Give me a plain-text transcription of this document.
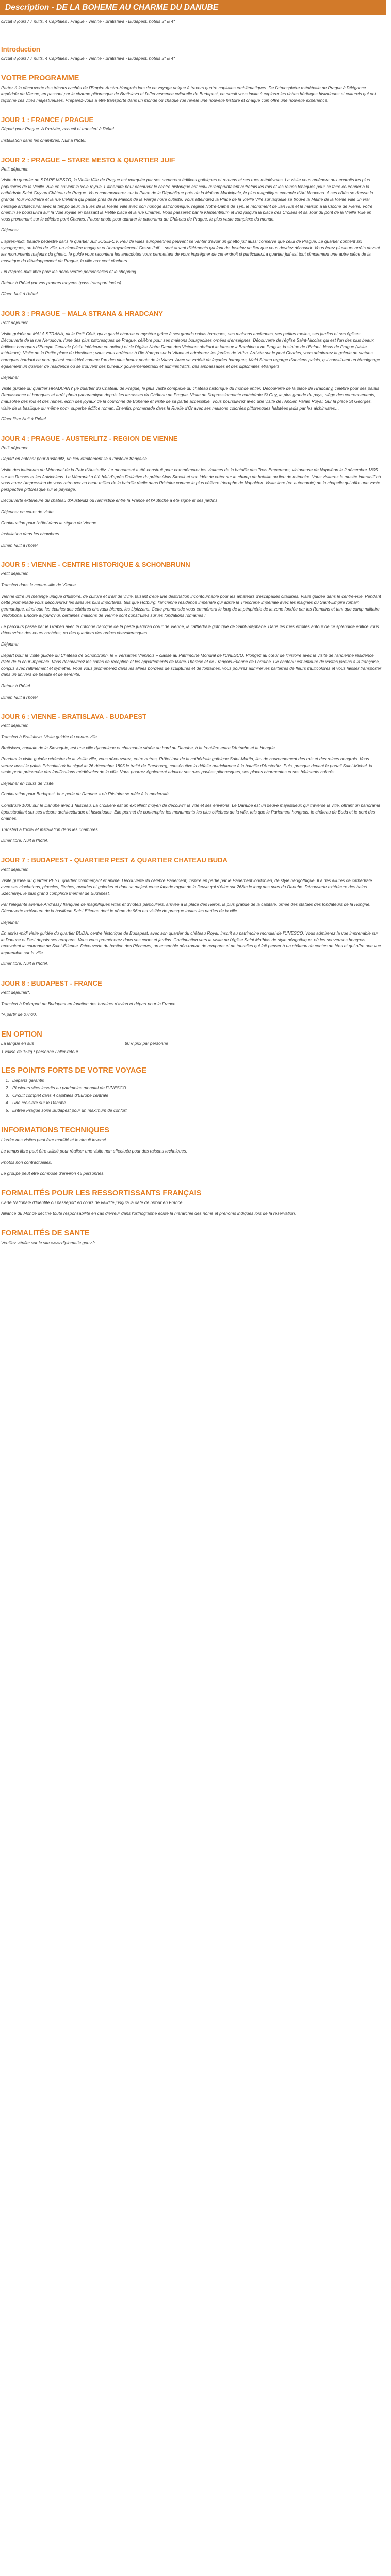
Description - DE LA BOHEME AU CHARME DU DANUBE
circuit 8 jours / 7 nuits, 4 Capitales : Prague - Vienne - Bratislava - Budapest, hôtels 3* & 4*
Introduction

circuit 8 jours / 7 nuits, 4 Capitales : Prague - Vienne - Bratislava - Budapest, hôtels 3* & 4*

VOTRE PROGRAMME

Partez à la découverte des trésors cachés de l'Empire Austro-Hongrois lors de ce voyage unique à travers quatre capitales emblématiques. De l'atmosphère médiévale de Prague à l'élégance impériale de Vienne, en passant par le charme pittoresque de Bratislava et l'effervescence culturelle de Budapest, ce circuit vous invite à explorer les riches héritages historiques et culturels qui ont façonné ces villes majestueuses. Préparez-vous à être transporté dans un monde où chaque rue révèle une nouvelle histoire et chaque coin offre une nouvelle expérience.

JOUR 1 : FRANCE / PRAGUE

Départ pour Prague. A l'arrivée, accueil et transfert à l'hôtel.

Installation dans les chambres. Nuit à l'hôtel.

JOUR 2 : PRAGUE – STARE MESTO & QUARTIER JUIF

Petit déjeuner.

Visite du quartier de STARE MESTO, la Vieille Ville de Prague est marquée par ses nombreux édifices gothiques et romans et ses rues médiévales. La visite vous amènera aux endroits les plus populaires de la Vieille Ville en suivant la Voie royale. L'itinéraire pour découvrir le centre historique est celui qu'empruntaient autrefois les rois et les reines tchèques pour se faire couronner à la cathédrale Saint Guy au Château de Prague. Vous commencerez sur la Place de la République près de la Maison Municipale, le plus magnifique exemple d'Art Nouveau. A ses côtés se dresse la grande Tour Poudrière et la rue Celetná qui passe près de la Maison de la Vierge noire cubiste. Vous atteindrez la Place de la Vieille Ville sur laquelle se trouve la Mairie de la Vieille Ville un vrai héritage architectural avec la tempo deux la 8 les de la Vieille Ville avec son horloge astronomique, l'église Notre-Dame de Týn, le monument de Jan Hus et la maison à la Cloche de Pierre. Votre chemin se poursuivra sur la Voie royale en passant la Petite place et la rue Charles. Vous passerez par le Klementinum et irez jusqu'à la place des Croisés et sa Tour du pont de la Vieille Ville en vous promenant sur le célèbre pont Charles. Pause photo pour admirer le panorama du Château de Prague, le plus vaste complexe du monde.

Déjeuner.

L'après-midi, balade pédestre dans le quartier Juif JOSEFOV. Peu de villes européennes peuvent se vanter d'avoir un ghetto juif aussi conservé que celui de Prague. Le quartier contient six synagogues, un hôtel de ville, un cimetière magique et l'incroyablement Gesso Juif… sont autant d'éléments qui font de Josefov un lieu que vous devriez découvrir. Vous ferez plusieurs arrêts devant les monuments majeurs du ghetto, le guide vous racontera les anecdotes vous permettant de vous imprégner de cet endroit si particulier.La quartier juif est tout simplement une autre pièce de la mosaïque du développement de Prague, la ville aux cent clochers.

Fin d'après-midi libre pour les découvertes personnelles et le shopping.

Retour à l'hôtel par vos propres moyens (pass transport inclus).

Dîner. Nuit à l'hôtel.

JOUR 3 : PRAGUE – MALA STRANA & HRADCANY

Petit déjeuner.

Visite guidée de MALA STRANA, dit le Petit Côté, qui a gardé charme et mystère grâce à ses grands palais baroques, ses maisons anciennes, ses petites ruelles, ses jardins et ses églises. Découverte de la rue Nerudova, l'une des plus pittoresques de Prague, célèbre pour ses maisons bourgeoises ornées d'enseignes. Découverte de l'église Saint-Nicolas qui est l'un des plus beaux édifices baroques d'Europe Centrale (visite intérieure en option) et de l'église Notre Dame des Victoires abritant le fameux « Bambino » de Prague, la statue de l'Enfant Jésus de Prague (visite intérieure). Visite de la Petite place du Hostinec ; vous vous arrêterez à l'île Kampa sur la Vltava et admirerez les jardins de Vrtba. Arrivée sur le pont Charles, vous admirerez la galerie de statues baroques bordant ce pont qui est considéré comme l'un des plus beaux ponts de la Vltava. Avec sa variété de façades baroques, Malá Strana regorge d'anciens palais, qui constituent un témoignage également un quartier de résidence où se trouvent des bureaux gouvernementaux et administratifs, des ambassades et des diplomates étrangers.

Déjeuner.

Visite guidée du quartier HRADCANY (le quartier du Château de Prague, le plus vaste complexe du château historique du monde entier. Découverte de la place de Hradčany, célèbre pour ses palais Renaissance et baroques et arrêt photo panoramique depuis les terrasses du Château de Prague. Visite de l'impressionnante cathédrale St Guy, la plus grande du pays, siège des couronnements, mausolée des rois et des reines, écrin des joyaux de la couronne de Bohême et visite de sa partie accessible. Vous poursuivrez avec une visite de l'Ancien Palais Royal. Sur la place St Georges, visite de la basilique du même nom, superbe édifice roman. Et enfin, promenade dans la Ruelle d'Or avec ses maisons colorées pittoresques habitées jadis par les alchimistes…

Dîner libre.Nuit à l'hôtel.

JOUR 4 : PRAGUE - AUSTERLITZ - REGION DE VIENNE

Petit déjeuner.

Départ en autocar pour Austerlitz, un lieu étroitement lié à l'histoire française.

Visite des intérieurs du Mémorial de la Paix d'Austerlitz. Le monument a été construit pour commémorer les victimes de la bataille des Trois Empereurs, victorieuse de Napoléon le 2 décembre 1805 sur les Russes et les Autrichiens. Le Mémorial a été bâti d'après l'initiative du prêtre Alois Slovak et son idée de créer sur le champ de bataille un lieu de mémoire. Vous visiterez le musée interactif où vous aurez l'impression de vous retrouver au beau milieu de la bataille réelle dans l'histoire comme le plus célèbre triomphe de Napoléon. Visite libre (en autonomie) de la chapelle qui offre une vaste perspective pittoresque sur le paysage.

Découverte extérieure du château d'Austerlitz où l'armistice entre la France et l'Autriche a été signé et ses jardins.

Déjeuner en cours de visite.

Continuation pour l'hôtel dans la région de Vienne.

Installation dans les chambres.

Dîner. Nuit à l'hôtel.

JOUR 5 : VIENNE - CENTRE HISTORIQUE & SCHONBRUNN

Petit déjeuner.

Transfert dans le centre-ville de Vienne.

Vienne offre un mélange unique d'histoire, de culture et d'art de vivre, faisant d'elle une destination incontournable pour les amateurs d'escapades citadines. Visite guidée dans le centre-ville. Pendant cette promenade vous découvrirez les sites les plus importants, tels que Hofburg, l'ancienne résidence impériale qui abrite la Trésorerie impériale avec les insignes du Saint-Empire romain germanique, ainsi que les écuries des célèbres chevaux blancs, les Lipizzans. Cette promenade vous emmènera le long de la périphérie de la zone fondée par les Romains et tant que camp militaire Vindobona. Encore aujourd'hui, certaines maisons de Vienne sont construites sur les fondations romaines !

Le parcours passe par le Graben avec la colonne baroque de la peste jusqu'au cœur de Vienne, la cathédrale gothique de Saint-Stéphane. Dans les rues étroites autour de ce splendide édifice vous découvrirez des cours cachées, ou des quartiers des ordres chevaleresques.

Déjeuner.

Départ pour la visite guidée du Château de Schönbrunn, le « Versailles Viennois » classé au Patrimoine Mondial de l'UNESCO. Plongez au cœur de l'histoire avec la visite de l'ancienne résidence d'été de la cour impériale. Vous découvrirez les salles de réception et les appartements de Marie-Thérèse et de François-Étienne de Lorraine. Ce château est entouré de vastes jardins à la française, conçus avec raffinement et symétrie. Vous vous promènerez dans les allées bordées de sculptures et de fontaines, vous pourrez admirer les parterres de fleurs multicolores et vous laisser transporter dans un univers de beauté et de sérénité.

Retour à l'hôtel.

Dîner. Nuit à l'hôtel.

JOUR 6 : VIENNE - BRATISLAVA - BUDAPEST

Petit déjeuner.

Transfert à Bratislava. Visite guidée du centre-ville.

Bratislava, capitale de la Slovaquie, est une ville dynamique et charmante située au bord du Danube, à la frontière entre l'Autriche et la Hongrie.

Pendant la visite guidée pédestre de la vieille ville, vous découvrirez, entre autres, l'hôtel tour de la cathédrale gothique Saint-Martin, lieu de couronnement des rois et des reines hongrois. Vous verrez aussi le palais Primatial où fut signé le 26 décembre 1805 le traité de Presbourg, consécutive la défaite autrichienne à la bataille d'Austerlitz. Puis, presque devant le portail Saint-Michel, la seule porte préservée des fortifications médiévales de la ville. Vous pourrez également admirer ses rues pavées pittoresques, ses places charmantes et ses bâtiments colorés.

Déjeuner en cours de visite.

Continuation pour Budapest, la « perle du Danube » où l'histoire se mêle à la modernité.

Construite 1000 sur le Danube avec 1 faisceau. La croisière est un excellent moyen de découvrir la ville et ses environs. Le Danube est un fleuve majestueux qui traverse la ville, offrant un panorama époustouflant sur ses trésors architecturaux et historiques. Elle permet de contempler les monuments les plus célèbres de la ville, tels que le Parlement hongrois, le château de Buda et le pont des chaînes.

Transfert à l'hôtel et installation dans les chambres.

Dîner libre. Nuit à l'hôtel.

JOUR 7 : BUDAPEST - QUARTIER PEST & QUARTIER CHATEAU BUDA

Petit déjeuner.

Visite guidée du quartier PEST, quartier commerçant et animé. Découverte du célèbre Parlement, inspiré en partie par le Parlement londonien, de style néogothique. Il a des allures de cathédrale avec ses clochetons, pinacles, flèches, arcades et galeries et dont sa majestueuse façade rogue de la fleuve qui s'étire sur 268m le long des rives du Danube. Découverte extérieure des bains Szechenyi, le plus grand complexe thermal de Budapest.

Par l'élégante avenue Andrassy flanquée de magnifiques villas et d'hôtels particuliers, arrivée à la place des Héros, la plus grande de la capitale, ornée des statues des fondateurs de la Hongrie. Découverte extérieure de la basilique Saint Étienne dont le dôme de 96m est visible de presque toutes les parties de la ville.

Déjeuner.

En après-midi visite guidée du quartier BUDA, centre historique de Budapest, avec son quartier du château Royal, inscrit au patrimoine mondial de l'UNESCO. Vous admirerez la vue imprenable sur le Danube et Pest depuis ses remparts. Vous vous promènerez dans ses cours et jardins. Continuation vers la visite de l'église Saint Mathias de style néogothique, où les souverains hongrois recevaient la couronne de Saint-Étienne. Découverte du bastion des Pêcheurs, un ensemble néo-roman de remparts et de tourelles qui fait penser à un château de contes de fées et qui offre une vue imprenable sur la ville.

Dîner libre. Nuit à l'hôtel.

JOUR 8 : BUDAPEST - FRANCE

Petit déjeuner*.

Transfert à l'aéroport de Budapest en fonction des horaires d'avion et départ pour la France.

*A partir de 07h00.

EN OPTION
La langue en sus	80 € prix par personne
1 valise de 15kg / personne / aller-retour
LES POINTS FORTS DE VOTRE VOYAGE
1. Départs garantis
2. Plusieurs sites inscrits au patrimoine mondial de l'UNESCO
3. Circuit complet dans 4 capitales d'Europe centrale
4. Une croisière sur le Danube
5. Entrée Prague sorte Budapest pour un maximum de confort
INFORMATIONS TECHNIQUES

L'ordre des visites peut être modifié et le circuit inversé.

Le temps libre peut être utilisé pour réaliser une visite non effectuée pour des raisons techniques.

Photos non contractuelles.

Le groupe peut être composé d'environ 45 personnes.

FORMALITÉS POUR LES RESSORTISSANTS FRANÇAIS

Carte Nationale d'Identité ou passeport en cours de validité jusqu'à la date de retour en France.

Alliance du Monde décline toute responsabilité en cas d'erreur dans l'orthographe écrite la hiérarchie des noms et prénoms indiqués lors de la réservation.

FORMALITÉS DE SANTE

Veuillez vérifier sur le site www.diplomatie.gouv.fr .
